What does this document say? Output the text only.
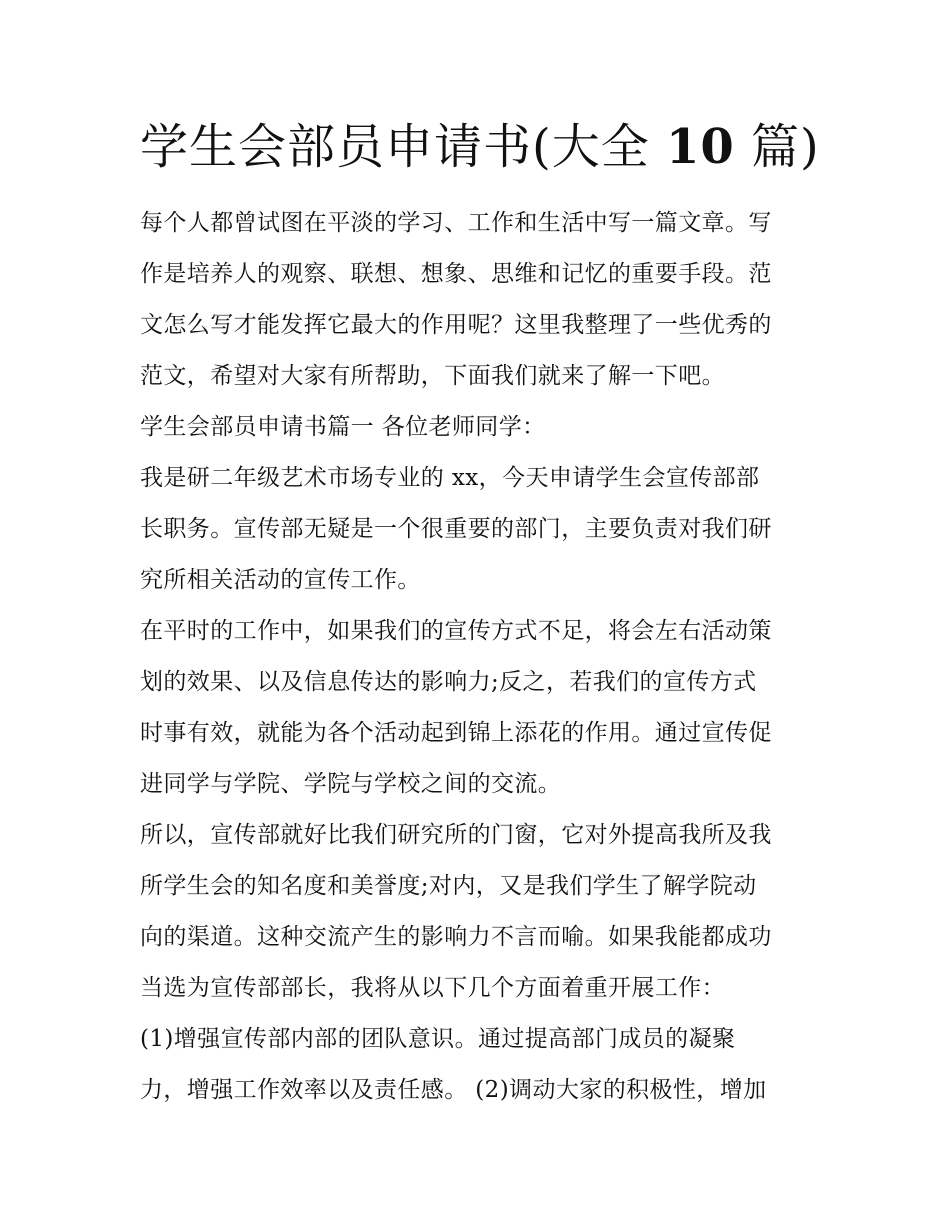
学生会部员申请书(大全 10 篇)
每个人都曾试图在平淡的学习、工作和生活中写一篇文章。写
作是培养人的观察、联想、想象、思维和记忆的重要手段。范
文怎么写才能发挥它最大的作用呢？这里我整理了一些优秀的
范文，希望对大家有所帮助，下面我们就来了解一下吧。
学生会部员申请书篇一 各位老师同学：
我是研二年级艺术市场专业的 xx，今天申请学生会宣传部部
长职务。宣传部无疑是一个很重要的部门，主要负责对我们研
究所相关活动的宣传工作。
在平时的工作中，如果我们的宣传方式不足，将会左右活动策
划的效果、以及信息传达的影响力;反之，若我们的宣传方式
时事有效，就能为各个活动起到锦上添花的作用。通过宣传促
进同学与学院、学院与学校之间的交流。
所以，宣传部就好比我们研究所的门窗，它对外提高我所及我
所学生会的知名度和美誉度;对内，又是我们学生了解学院动
向的渠道。这种交流产生的影响力不言而喻。如果我能都成功
当选为宣传部部长，我将从以下几个方面着重开展工作：
(1)增强宣传部内部的团队意识。通过提高部门成员的凝聚
力，增强工作效率以及责任感。 (2)调动大家的积极性，增加
